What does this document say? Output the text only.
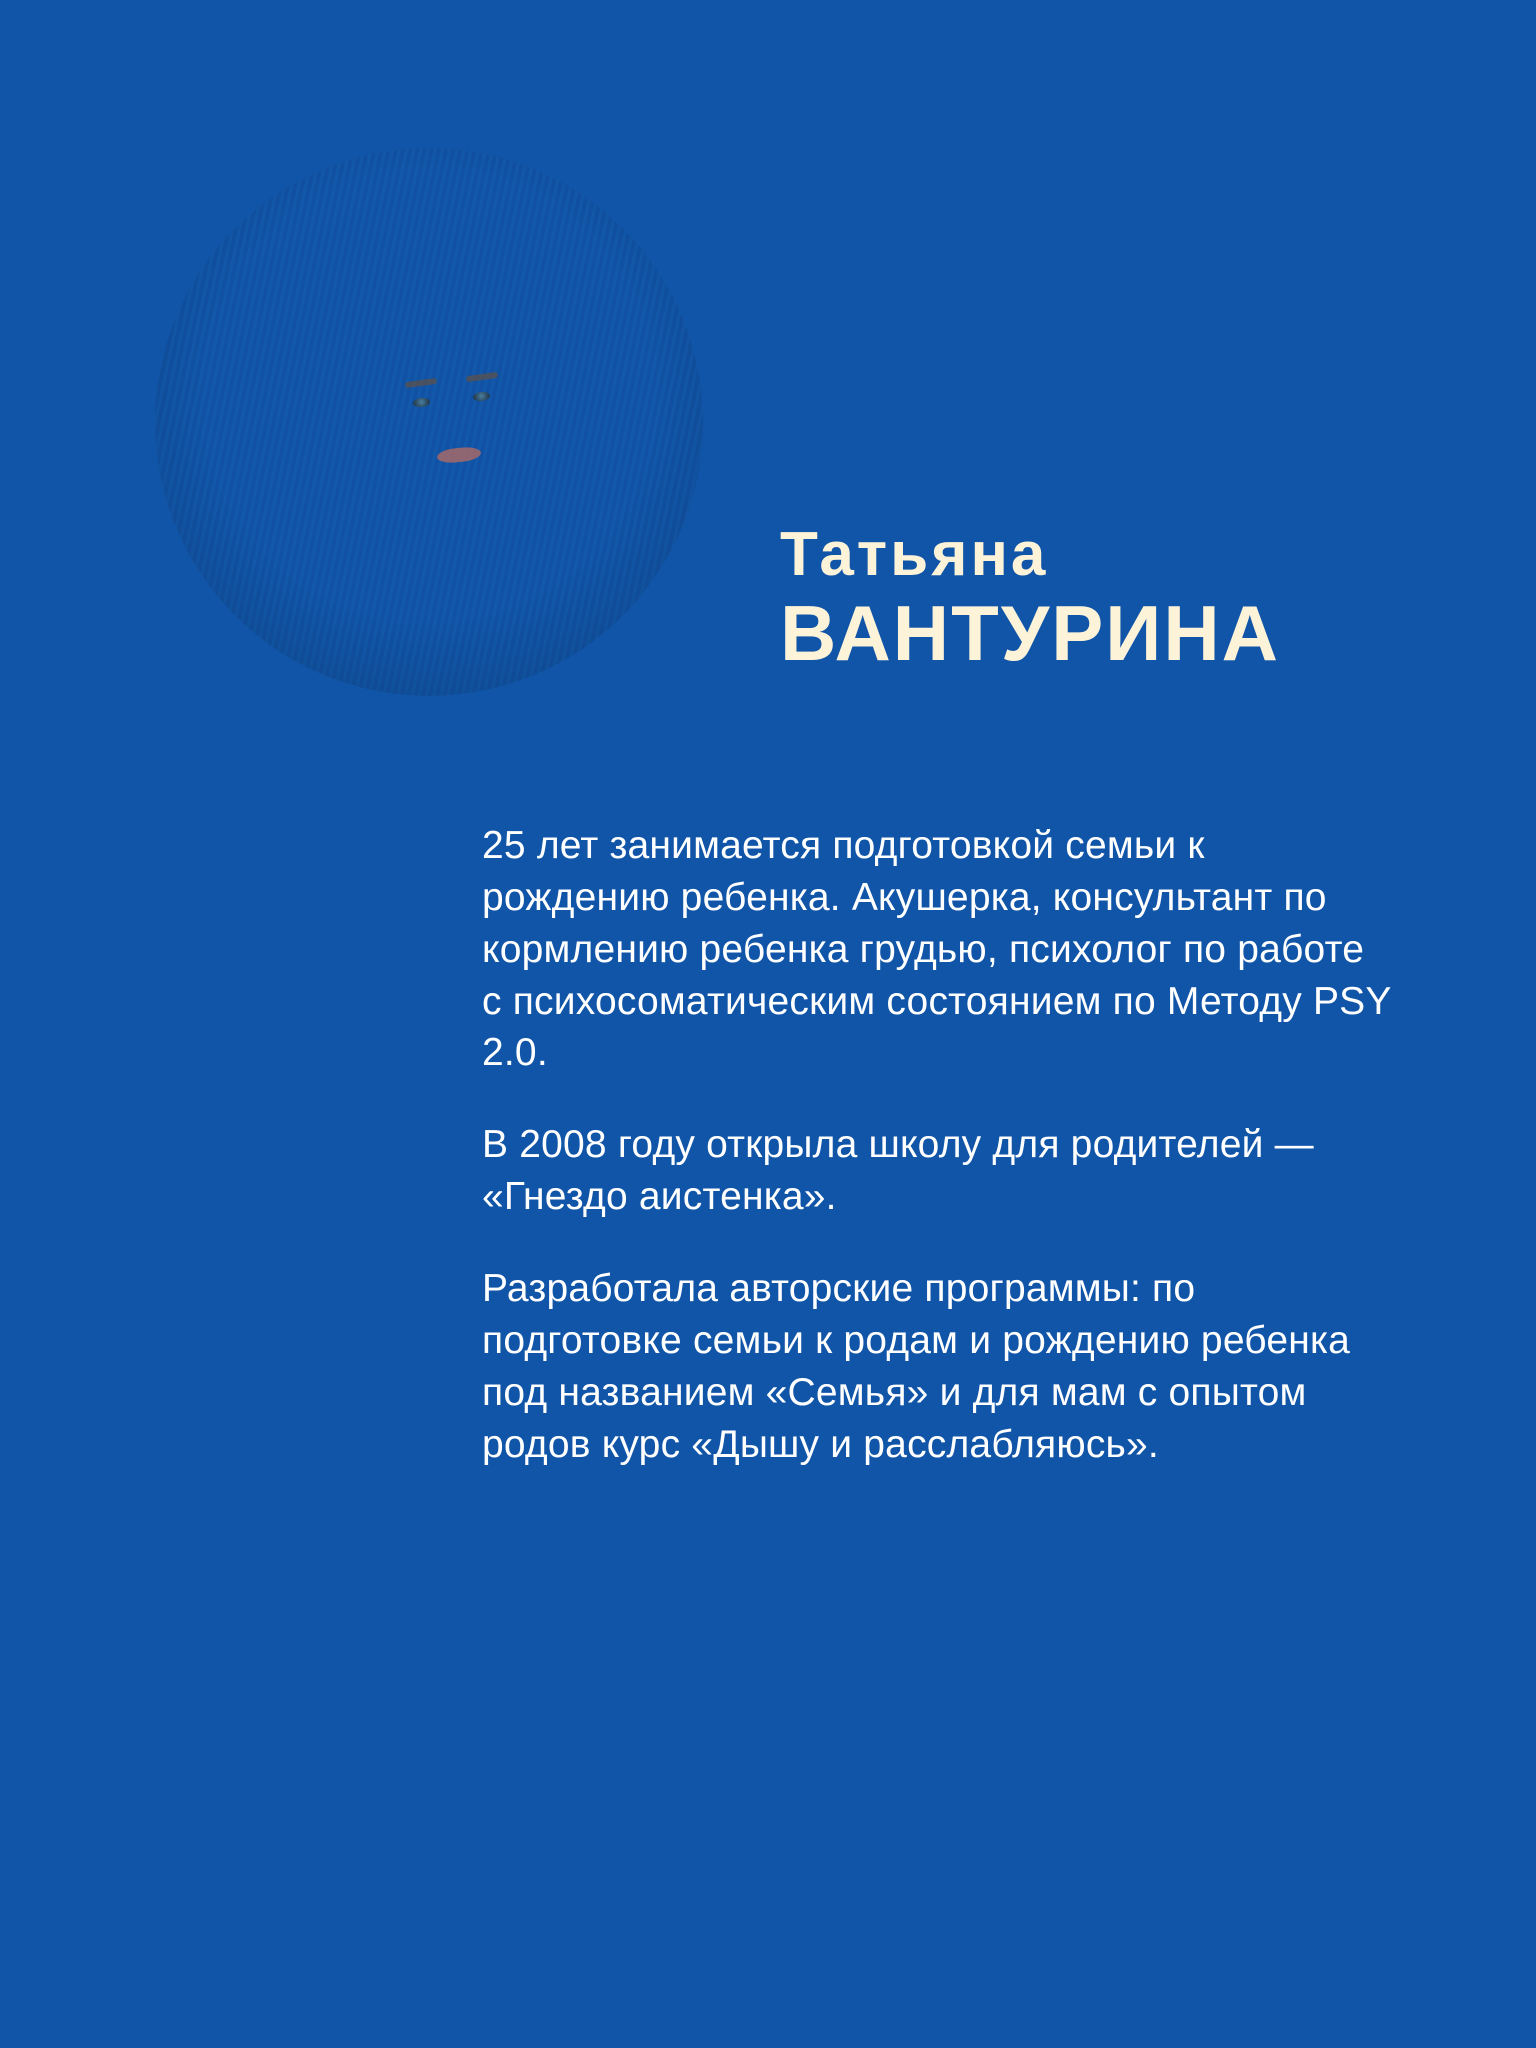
Татьяна
ВАНТУРИНА

25 лет занимается подготовкой семьи к рождению ребенка. Акушерка, консультант по кормлению ребенка грудью, психолог по работе с психосоматическим состоянием по Методу PSY 2.0.

В 2008 году открыла школу для родителей — «Гнездо аистенка».

Разработала авторские программы: по подготовке семьи к родам и рождению ребенка под названием «Семья» и для мам с опытом родов курс «Дышу и расслабляюсь».
